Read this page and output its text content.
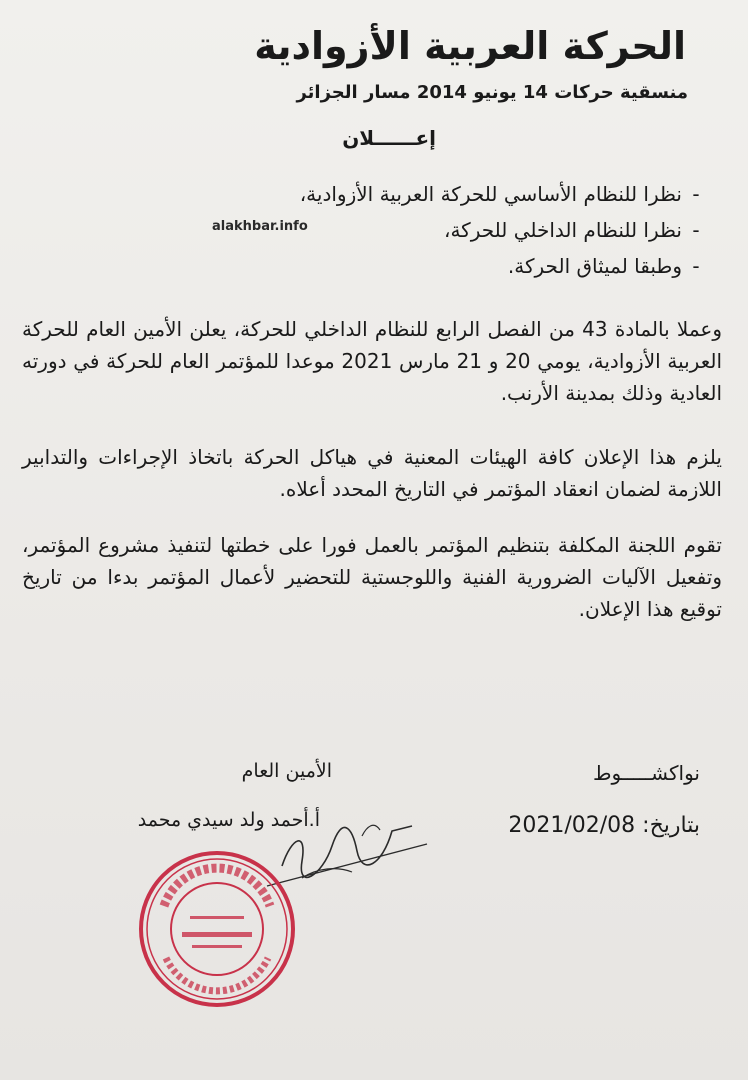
الحركة العربية الأزوادية
منسقية حركات 14 يونيو 2014 مسار الجزائر
إعــــــلان
- نظرا للنظام الأساسي للحركة العربية الأزوادية،
- نظرا للنظام الداخلي للحركة،
- وطبقا لميثاق الحركة.
alakhbar.info

وعملا بالمادة 43 من الفصل الرابع للنظام الداخلي للحركة، يعلن الأمين العام للحركة العربية الأزوادية، يومي 20 و 21 مارس 2021 موعدا للمؤتمر العام للحركة في دورته العادية وذلك بمدينة الأرنب.

يلزم هذا الإعلان كافة الهيئات المعنية في هياكل الحركة باتخاذ الإجراءات والتدابير اللازمة لضمان انعقاد المؤتمر في التاريخ المحدد أعلاه.

تقوم اللجنة المكلفة بتنظيم المؤتمر بالعمل فورا على خطتها لتنفيذ مشروع المؤتمر، وتفعيل الآليات الضرورية الفنية واللوجستية للتحضير لأعمال المؤتمر بدءا من تاريخ توقيع هذا الإعلان.

نواكشـــــوط
بتاريخ: 2021/02/08
الأمين العام
أ.أحمد ولد سيدي محمد
